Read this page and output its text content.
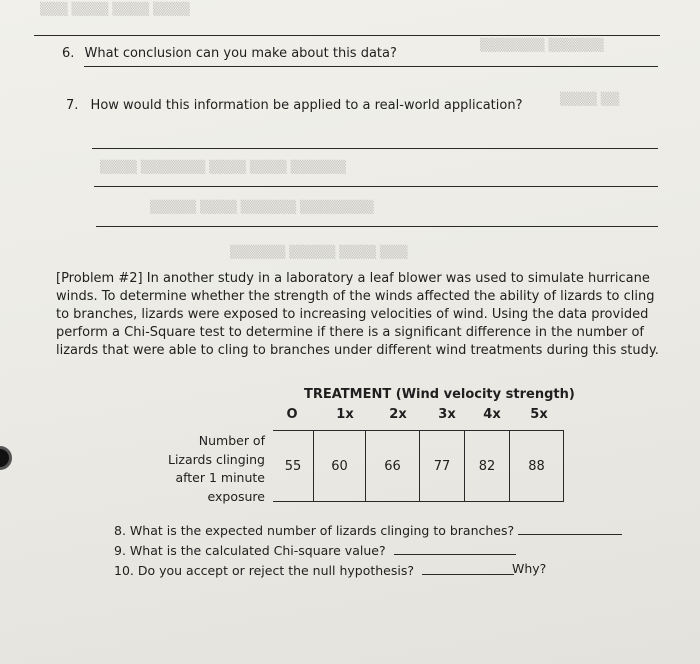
▒▒▒ ▒▒▒▒ ▒▒▒▒ ▒▒▒▒
▒▒▒▒▒▒▒ ▒▒▒▒▒▒
▒▒▒▒ ▒▒
▒▒▒▒ ▒▒▒▒▒▒▒ ▒▒▒▒ ▒▒▒▒ ▒▒▒▒▒▒
▒▒▒▒▒ ▒▒▒▒ ▒▒▒▒▒▒ ▒▒▒▒▒▒▒▒
▒▒▒▒▒▒ ▒▒▒▒▒ ▒▒▒▒ ▒▒▒
6. What conclusion can you make about this data?
7. How would this information be applied to a real-world application?

[Problem #2] In another study in a laboratory a leaf blower was used to simulate hurricane winds. To determine whether the strength of the winds affected the ability of lizards to cling to branches, lizards were exposed to increasing velocities of wind. Using the data provided perform a Chi-Square test to determine if there is a significant difference in the number of lizards that were able to cling to branches under different wind treatments during this study.

TREATMENT (Wind velocity strength)
O	1x	2x	3x	4x	5x
Number of
Lizards clinging
after 1 minute
exposure
55	60	66	77	82	88
8. What is the expected number of lizards clinging to branches?
9. What is the calculated Chi-square value?
10. Do you accept or reject the null hypothesis?	Why?
